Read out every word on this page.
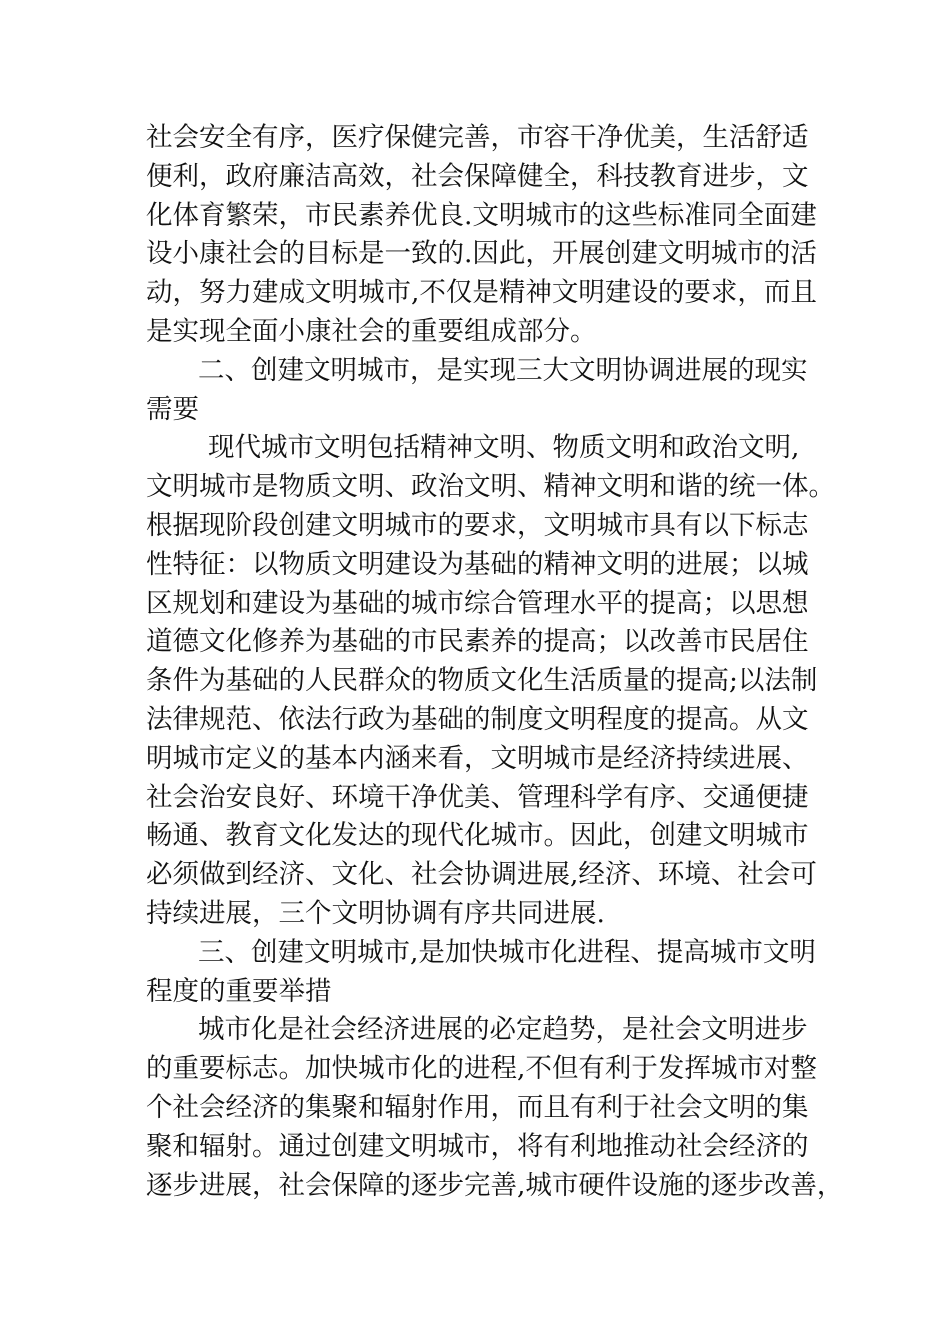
社会安全有序，医疗保健完善，市容干净优美，生活舒适
便利，政府廉洁高效，社会保障健全，科技教育进步，文
化体育繁荣，市民素养优良.文明城市的这些标准同全面建
设小康社会的目标是一致的.因此，开展创建文明城市的活
动，努力建成文明城市,不仅是精神文明建设的要求，而且
是实现全面小康社会的重要组成部分。
二、创建文明城市，是实现三大文明协调进展的现实
需要
现代城市文明包括精神文明、物质文明和政治文明,
文明城市是物质文明、政治文明、精神文明和谐的统一体。
根据现阶段创建文明城市的要求，文明城市具有以下标志
性特征：以物质文明建设为基础的精神文明的进展；以城
区规划和建设为基础的城市综合管理水平的提高；以思想
道德文化修养为基础的市民素养的提高；以改善市民居住
条件为基础的人民群众的物质文化生活质量的提高;以法制
法律规范、依法行政为基础的制度文明程度的提高。从文
明城市定义的基本内涵来看，文明城市是经济持续进展、
社会治安良好、环境干净优美、管理科学有序、交通便捷
畅通、教育文化发达的现代化城市。因此，创建文明城市
必须做到经济、文化、社会协调进展,经济、环境、社会可
持续进展，三个文明协调有序共同进展.
三、创建文明城市,是加快城市化进程、提高城市文明
程度的重要举措
城市化是社会经济进展的必定趋势，是社会文明进步
的重要标志。加快城市化的进程,不但有利于发挥城市对整
个社会经济的集聚和辐射作用，而且有利于社会文明的集
聚和辐射。通过创建文明城市，将有利地推动社会经济的
逐步进展，社会保障的逐步完善,城市硬件设施的逐步改善，
